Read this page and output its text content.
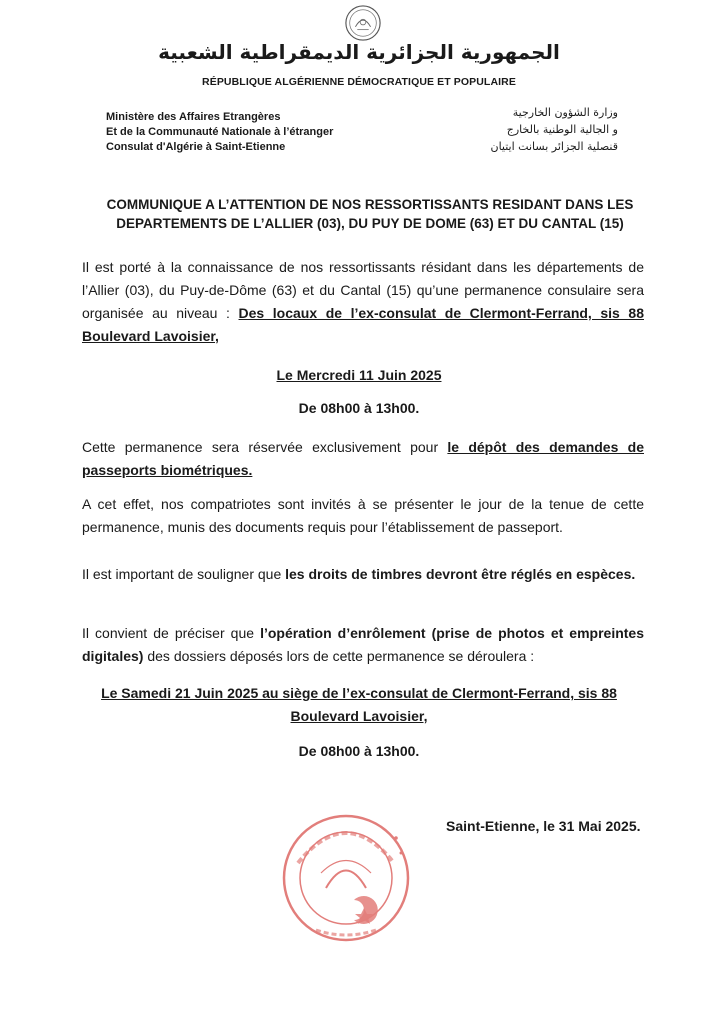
الجمهورية الجزائرية الديمقراطية الشعبية
RÉPUBLIQUE ALGÉRIENNE DÉMOCRATIQUE ET POPULAIRE
Ministère des Affaires Etrangères
Et de la Communauté Nationale à l’étranger
Consulat d'Algérie à Saint-Etienne
وزارة الشؤون الخارجية
و الجالية الوطنية بالخارج
قنصلية الجزائر بسانت ايتيان
COMMUNIQUE A L’ATTENTION DE NOS RESSORTISSANTS RESIDANT DANS LES
DEPARTEMENTS DE L’ALLIER (03), DU PUY DE DOME (63) ET DU CANTAL (15)
Il est porté à la connaissance de nos ressortissants résidant dans les départements de l’Allier (03), du Puy-de-Dôme (63) et du Cantal (15) qu’une permanence consulaire sera organisée au niveau : Des locaux de l’ex-consulat de Clermont-Ferrand, sis 88 Boulevard Lavoisier,
Le Mercredi 11 Juin 2025
De 08h00 à 13h00.
Cette permanence sera réservée exclusivement pour le dépôt des demandes de passeports biométriques.
A cet effet, nos compatriotes sont invités à se présenter le jour de la tenue de cette permanence, munis des documents requis pour l’établissement de passeport.
Il est important de souligner que les droits de timbres devront être réglés en espèces.
Il convient de préciser que l’opération d’enrôlement (prise de photos et empreintes digitales) des dossiers déposés lors de cette permanence se déroulera :
Le Samedi 21 Juin 2025 au siège de l’ex-consulat de Clermont-Ferrand, sis 88
Boulevard Lavoisier,
De 08h00 à 13h00.
Saint-Etienne, le 31 Mai 2025.
